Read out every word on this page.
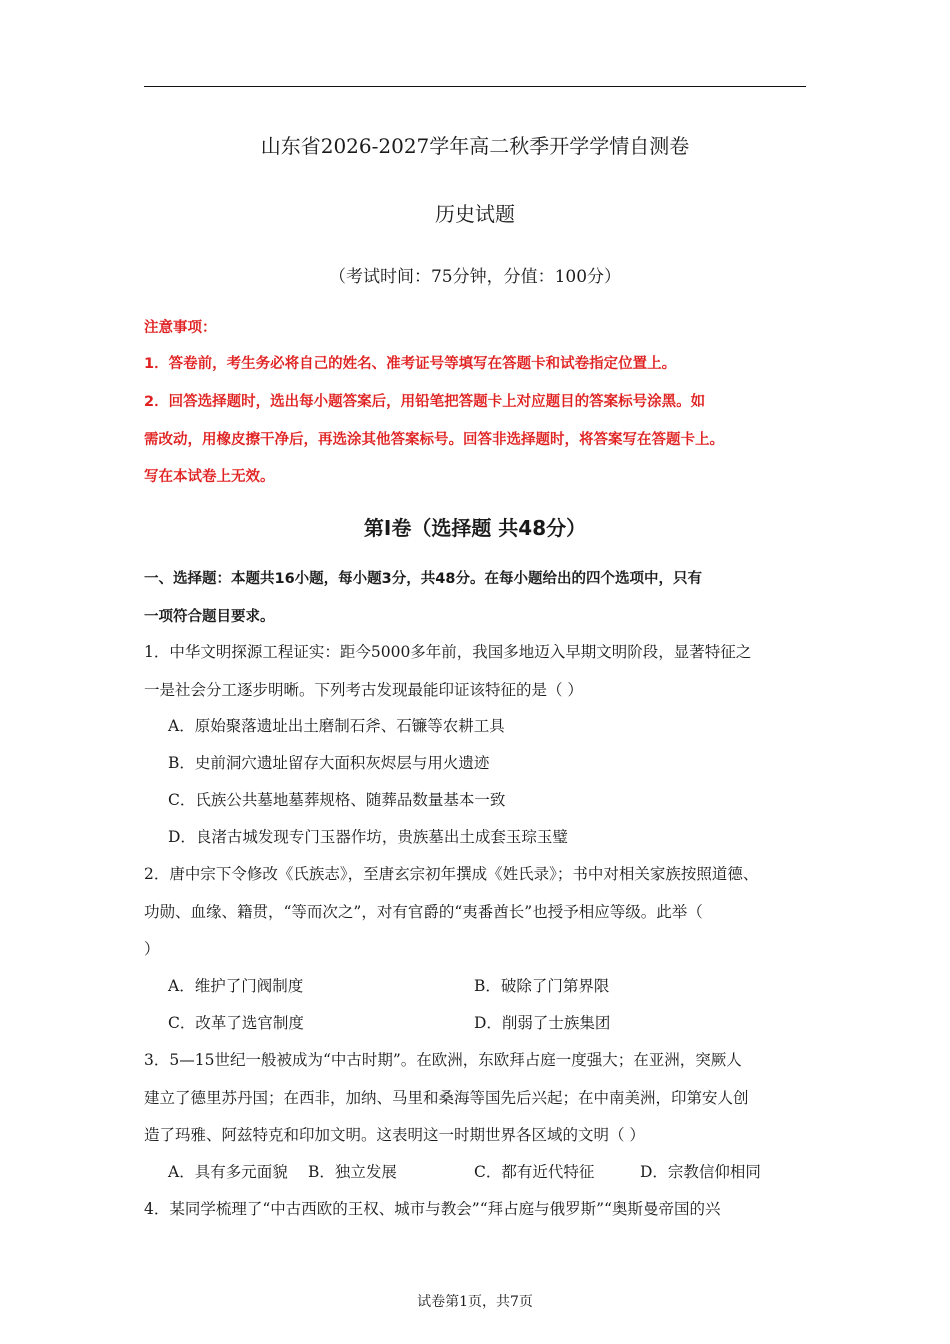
山东省2026-2027学年高二秋季开学学情自测卷
历史试题
（考试时间：75分钟，分值：100分）
注意事项：
1．答卷前，考生务必将自己的姓名、准考证号等填写在答题卡和试卷指定位置上。
2．回答选择题时，选出每小题答案后，用铅笔把答题卡上对应题目的答案标号涂黑。如
需改动，用橡皮擦干净后，再选涂其他答案标号。回答非选择题时，将答案写在答题卡上。
写在本试卷上无效。
第Ⅰ卷（选择题 共48分）
一、选择题：本题共16小题，每小题3分，共48分。在每小题给出的四个选项中，只有
一项符合题目要求。
1．中华文明探源工程证实：距今5000多年前，我国多地迈入早期文明阶段，显著特征之
一是社会分工逐步明晰。下列考古发现最能印证该特征的是（ ）
A．原始聚落遗址出土磨制石斧、石镰等农耕工具
B．史前洞穴遗址留存大面积灰烬层与用火遗迹
C．氏族公共墓地墓葬规格、随葬品数量基本一致
D．良渚古城发现专门玉器作坊，贵族墓出土成套玉琮玉璧
2．唐中宗下令修改《氏族志》，至唐玄宗初年撰成《姓氏录》；书中对相关家族按照道德、
功勋、血缘、籍贯，“等而次之”，对有官爵的“夷番酋长”也授予相应等级。此举（
）
A．维护了门阀制度	B．破除了门第界限
C．改革了选官制度	D．削弱了士族集团
3．5—15世纪一般被成为“中古时期”。在欧洲，东欧拜占庭一度强大；在亚洲，突厥人
建立了德里苏丹国；在西非，加纳、马里和桑海等国先后兴起；在中南美洲，印第安人创
造了玛雅、阿兹特克和印加文明。这表明这一时期世界各区域的文明（ ）
A．具有多元面貌 B．独立发展	C．都有近代特征	D．宗教信仰相同
4．某同学梳理了“中古西欧的王权、城市与教会”“拜占庭与俄罗斯”“奥斯曼帝国的兴
试卷第1页，共7页
